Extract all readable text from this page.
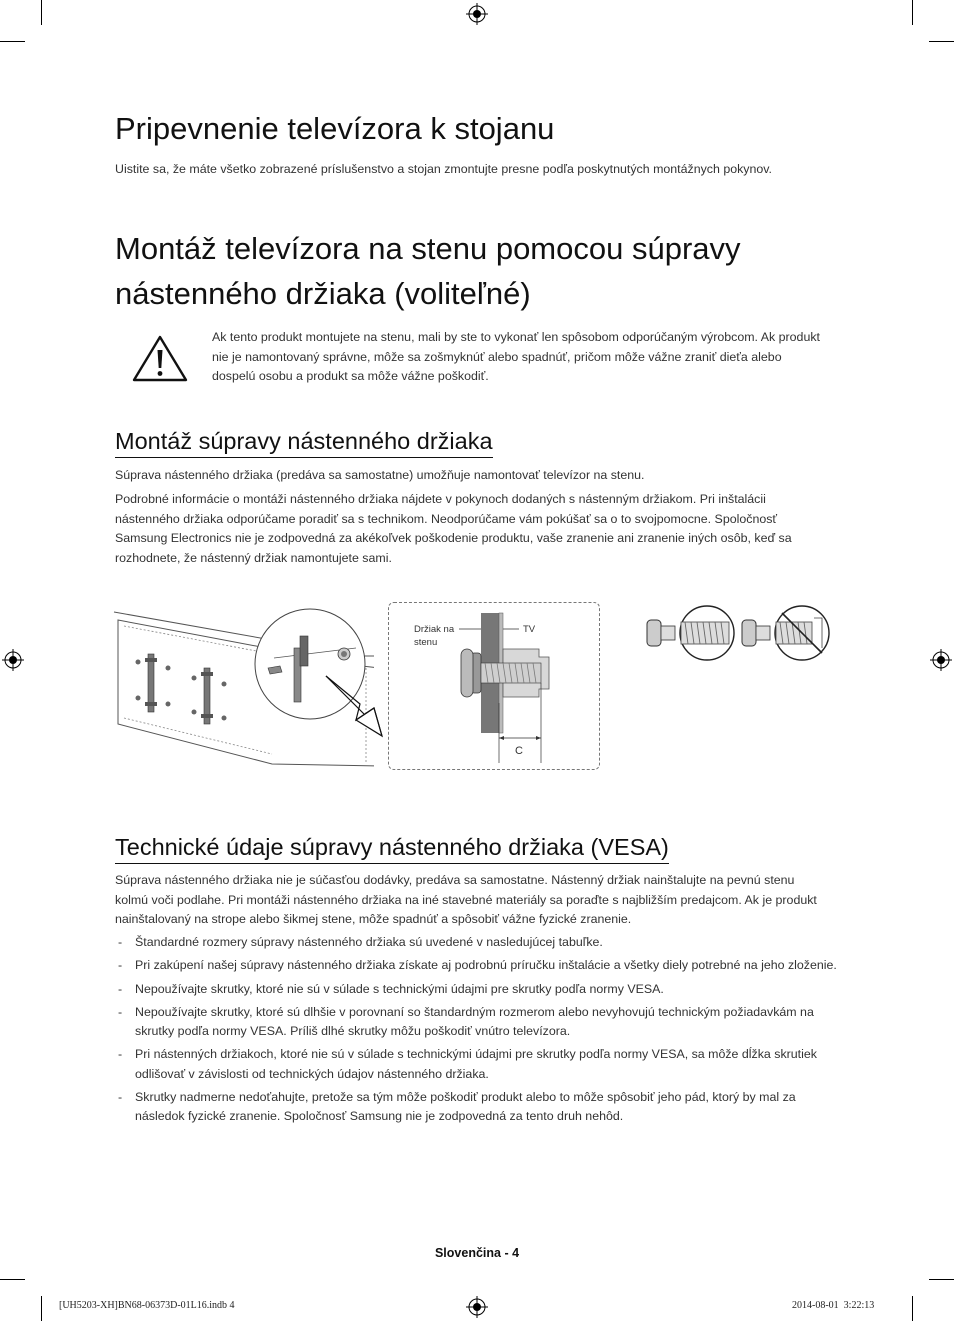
Pripevnenie televízora k stojanu

Uistite sa, že máte všetko zobrazené príslušenstvo a stojan zmontujte presne podľa poskytnutých montážnych pokynov.

Montáž televízora na stenu pomocou súpravy
nástenného držiaka (voliteľné)

Ak tento produkt montujete na stenu, mali by ste to vykonať len spôsobom odporúčaným výrobcom. Ak produkt nie je namontovaný správne, môže sa zošmyknúť alebo spadnúť, pričom môže vážne zraniť dieťa alebo dospelú osobu a produkt sa môže vážne poškodiť.

Montáž súpravy nástenného držiaka

Súprava nástenného držiaka (predáva sa samostatne) umožňuje namontovať televízor na stenu.

Podrobné informácie o montáži nástenného držiaka nájdete v pokynoch dodaných s nástenným držiakom. Pri inštalácii nástenného držiaka odporúčame poradiť sa s technikom. Neodporúčame vám pokúšať sa o to svojpomocne. Spoločnosť Samsung Electronics nie je zodpovedná za akékoľvek poškodenie produktu, vaše zranenie ani zranenie iných osôb, keď sa rozhodnete, že nástenný držiak namontujete sami.

Držiak na
stenu
TV
C
Technické údaje súpravy nástenného držiaka (VESA)

Súprava nástenného držiaka nie je súčasťou dodávky, predáva sa samostatne. Nástenný držiak nainštalujte na pevnú stenu kolmú voči podlahe. Pri montáži nástenného držiaka na iné stavebné materiály sa poraďte s najbližším predajcom. Ak je produkt nainštalovaný na strope alebo šikmej stene, môže spadnúť a spôsobiť vážne fyzické zranenie.

- Štandardné rozmery súpravy nástenného držiaka sú uvedené v nasledujúcej tabuľke.
- Pri zakúpení našej súpravy nástenného držiaka získate aj podrobnú príručku inštalácie a všetky diely potrebné na jeho zloženie.
- Nepoužívajte skrutky, ktoré nie sú v súlade s technickými údajmi pre skrutky podľa normy VESA.
- Nepoužívajte skrutky, ktoré sú dlhšie v porovnaní so štandardným rozmerom alebo nevyhovujú technickým požiadavkám na skrutky podľa normy VESA. Príliš dlhé skrutky môžu poškodiť vnútro televízora.
- Pri nástenných držiakoch, ktoré nie sú v súlade s technickými údajmi pre skrutky podľa normy VESA, sa môže dĺžka skrutiek odlišovať v závislosti od technických údajov nástenného držiaka.
- Skrutky nadmerne nedoťahujte, pretože sa tým môže poškodiť produkt alebo to môže spôsobiť jeho pád, ktorý by mal za následok fyzické zranenie. Spoločnosť Samsung nie je zodpovedná za tento druh nehôd.
Slovenčina - 4
[UH5203-XH]BN68-06373D-01L16.indb 4	2014-08-01 ​ 3:22:13
